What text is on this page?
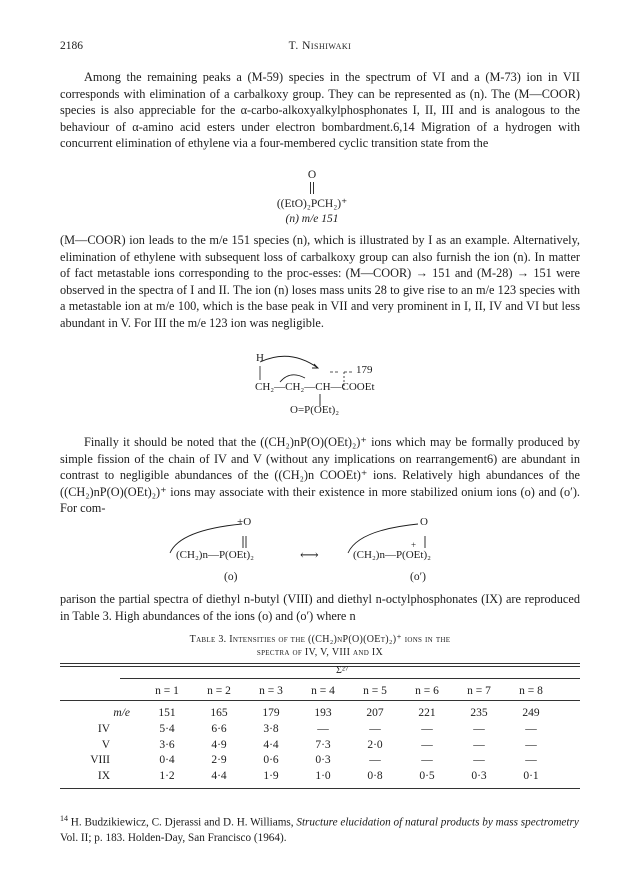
2186	T. Nishiwaki

Among the remaining peaks a (M-59) species in the spectrum of VI and a (M-73) ion in VII corresponds with elimination of a carbalkoxy group. They can be represented as (n). The (M—COOR) species is also appreciable for the α-carbo-alkoxyalkylphosphonates I, II, III and is analogous to the behaviour of α-amino acid esters under electron bombardment.6,14 Migration of a hydrogen with concurrent elimination of ethylene via a four-membered cyclic transition state from the

O
((EtO)₂PCH₂)⁺
(n) m/e 151

(M—COOR) ion leads to the m/e 151 species (n), which is illustrated by I as an example. Alternatively, elimination of ethylene with subsequent loss of carbalkoxy group can also furnish the ion (n). In matter of fact metastable ions corresponding to the proc-esses: (M—COOR) → 151 and (M-28) → 151 were observed in the spectra of I and II. The ion (n) loses mass units 28 to give rise to an m/e 123 species with a metastable ion at m/e 100, which is the base peak in VII and very prominent in I, II, IV and VI but less abundant in V. For III the m/e 123 ion was negligible.

H
179
CH₂—CH₂—CH—COOEt
O=P(OEt)₂

Finally it should be noted that the ((CH₂)nP(O)(OEt)₂)⁺ ions which may be formally produced by simple fission of the chain of IV and V (without any implications on rearrangement6) are abundant in contrast to negligible abundances of the ((CH₂)n COOEt)⁺ ions. Relatively high abundances of the ((CH₂)nP(O)(OEt)₂)⁺ ions may associate with their existence in more stabilized onium ions (o) and (o′). For com-

+O	O
(CH₂)n—P(OEt)₂	⟷
+
(CH₂)n—P(OEt)₂
(o)	(o′)

parison the partial spectra of diethyl n-butyl (VIII) and diethyl n-octylphosphonates (IX) are reproduced in Table 3. High abundances of the ions (o) and (o′) where n

Table 3. Intensities of the ((CH₂)nP(O)(OEt)₂)⁺ ions in the
spectra of IV, V, VIII and IX
Σ²⁷
n = 1	n = 2	n = 3	n = 4	n = 5	n = 6	n = 7	n = 8
m/e	151	165	179	193	207	221	235	249
IV	5·4	6·6	3·8	—	—	—	—	—
V	3·6	4·9	4·4	7·3	2·0	—	—	—
VIII	0·4	2·9	0·6	0·3	—	—	—	—
IX	1·2	4·4	1·9	1·0	0·8	0·5	0·3	0·1

$^{14}$ H. Budzikiewicz, C. Djerassi and D. H. Williams, Structure elucidation of natural products by mass spectrometry Vol. II; p. 183. Holden-Day, San Francisco (1964).
